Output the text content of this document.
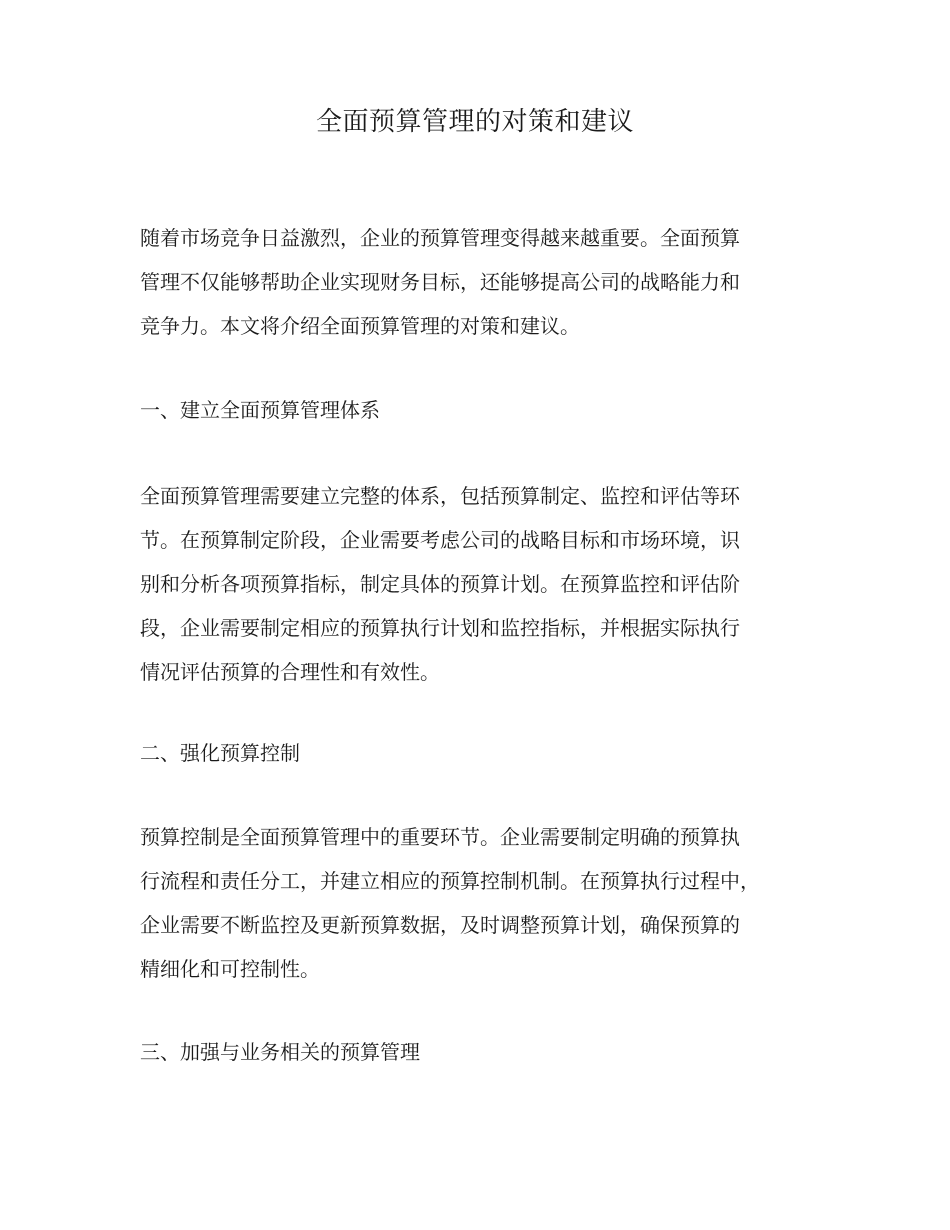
全面预算管理的对策和建议

随着市场竞争日益激烈，企业的预算管理变得越来越重要。全面预算
管理不仅能够帮助企业实现财务目标，还能够提高公司的战略能力和
竞争力。本文将介绍全面预算管理的对策和建议。

一、建立全面预算管理体系

全面预算管理需要建立完整的体系，包括预算制定、监控和评估等环
节。在预算制定阶段，企业需要考虑公司的战略目标和市场环境，识
别和分析各项预算指标，制定具体的预算计划。在预算监控和评估阶
段，企业需要制定相应的预算执行计划和监控指标，并根据实际执行
情况评估预算的合理性和有效性。

二、强化预算控制

预算控制是全面预算管理中的重要环节。企业需要制定明确的预算执
行流程和责任分工，并建立相应的预算控制机制。在预算执行过程中，
企业需要不断监控及更新预算数据，及时调整预算计划，确保预算的
精细化和可控制性。

三、加强与业务相关的预算管理
